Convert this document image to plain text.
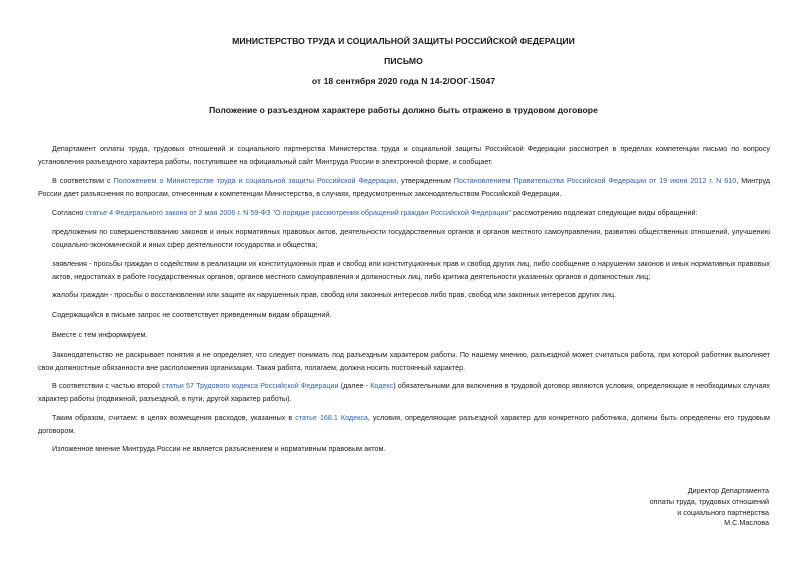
МИНИСТЕРСТВО ТРУДА И СОЦИАЛЬНОЙ ЗАЩИТЫ РОССИЙСКОЙ ФЕДЕРАЦИИ
ПИСЬМО
от 18 сентября 2020 года N 14-2/ООГ-15047
Положение о разъездном характере работы должно быть отражено в трудовом договоре

Департамент оплаты труда, трудовых отношений и социального партнерства Министерства труда и социальной защиты Российской Федерации рассмотрел в пределах компетенции письмо по вопросу установления разъездного характера работы, поступившее на официальный сайт Минтруда России в электронной форме, и сообщает.

В соответствии с Положением о Министерстве труда и социальной защиты Российской Федерации, утвержденным Постановлением Правительства Российской Федерации от 19 июня 2012 г. N 610, Минтруд России дает разъяснения по вопросам, отнесенным к компетенции Министерства, в случаях, предусмотренных законодательством Российской Федерации.

Согласно статье 4 Федерального закона от 2 мая 2006 г. N 59-ФЗ "О порядке рассмотрения обращений граждан Российской Федерации" рассмотрению подлежат следующие виды обращений:

предложения по совершенствованию законов и иных нормативных правовых актов, деятельности государственных органов и органов местного самоуправления, развитию общественных отношений, улучшению социально-экономической и иных сфер деятельности государства и общества;

заявления - просьбы граждан о содействии в реализации их конституционных прав и свобод или конституционных прав и свобод других лиц, либо сообщение о нарушении законов и иных нормативных правовых актов, недостатках в работе государственных органов, органов местного самоуправления и должностных лиц, либо критика деятельности указанных органов и должностных лиц;

жалобы граждан - просьбы о восстановлении или защите их нарушенных прав, свобод или законных интересов либо прав, свобод или законных интересов других лиц.

Содержащийся в письме запрос не соответствует приведенным видам обращений.

Вместе с тем информируем.

Законодательство не раскрывает понятия и не определяет, что следует понимать под разъездным характером работы. По нашему мнению, разъездной может считаться работа, при которой работник выполняет свои должностные обязанности вне расположения организации. Такая работа, полагаем, должна носить постоянный характер.

В соответствии с частью второй статьи 57 Трудового кодекса Российской Федерации (далее - Кодекс) обязательными для включения в трудовой договор являются условия, определяющие в необходимых случаях характер работы (подвижной, разъездной, в пути, другой характер работы).

Таким образом, считаем: в целях возмещения расходов, указанных в статье 168.1 Кодекса, условия, определяющие разъездной характер для конкретного работника, должны быть определены его трудовым договором.

Изложенное мнение Минтруда России не является разъяснением и нормативным правовым актом.

Директор Департамента
оплаты труда, трудовых отношений
и социального партнерства
М.С.Маслова
